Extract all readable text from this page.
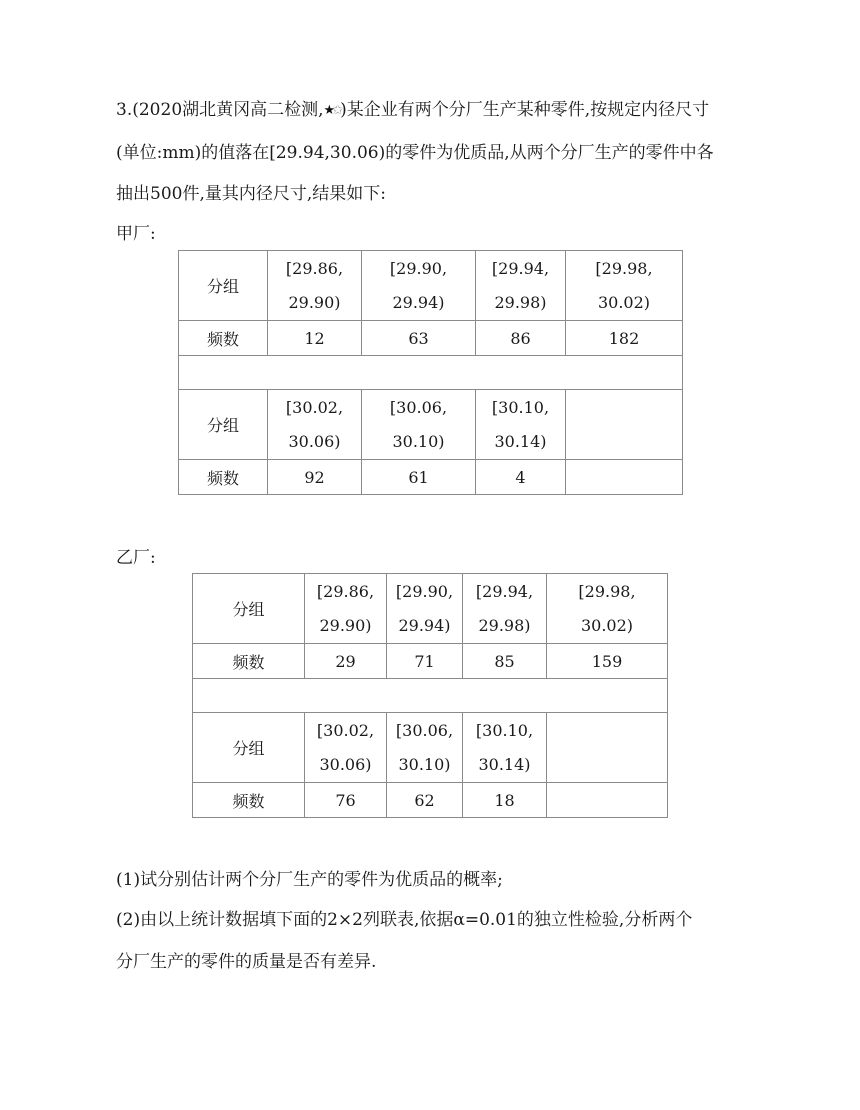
3.(2020湖北黄冈高二检测,★✩)某企业有两个分厂生产某种零件,按规定内径尺寸
(单位:mm)的值落在[29.94,30.06)的零件为优质品,从两个分厂生产的零件中各
抽出500件,量其内径尺寸,结果如下:
甲厂:
分组	[29.86,
29.90)	[29.90,
29.94)	[29.94,
29.98)	[29.98,
30.02)

频数	12	63	86	182

分组	[30.02,
30.06)	[30.06,
30.10)	[30.10,
30.14)	

频数	92	61	4	
乙厂:
分组	[29.86,
29.90)	[29.90,
29.94)	[29.94,
29.98)	[29.98,
30.02)

频数	29	71	85	159

分组	[30.02,
30.06)	[30.06,
30.10)	[30.10,
30.14)	

频数	76	62	18	
(1)试分别估计两个分厂生产的零件为优质品的概率;
(2)由以上统计数据填下面的2×2列联表,依据α=0.01的独立性检验,分析两个
分厂生产的零件的质量是否有差异.
